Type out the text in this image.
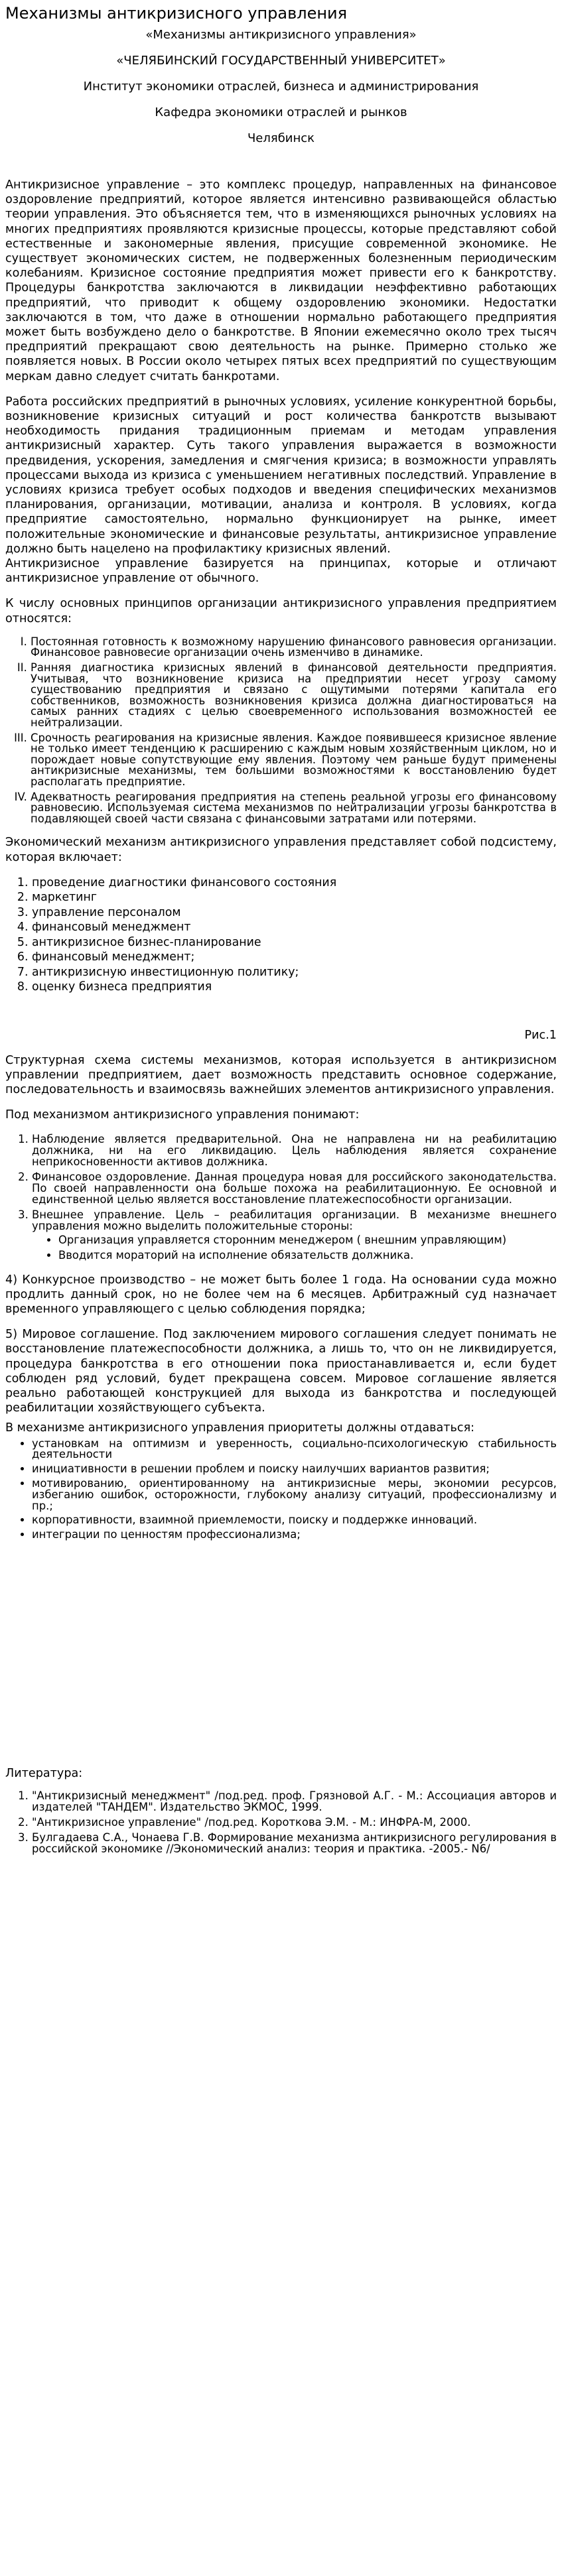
Механизмы антикризисного управления
«Механизмы антикризисного управления»
«ЧЕЛЯБИНСКИЙ ГОСУДАРСТВЕННЫЙ УНИВЕРСИТЕТ»
Институт экономики отраслей, бизнеса и администрирования
Кафедра экономики отраслей и рынков
Челябинск

Антикризисное управление – это комплекс процедур, направленных на финансовое оздоровление предприятий, которое является интенсивно развивающейся областью теории управления. Это объясняется тем, что в изменяющихся рыночных условиях на многих предприятиях проявляются кризисные процессы, которые представляют собой естественные и закономерные явления, присущие современной экономике. Не существует экономических систем, не подверженных болезненным периодическим колебаниям. Кризисное состояние предприятия может привести его к банкротству. Процедуры банкротства заключаются в ликвидации неэффективно работающих предприятий, что приводит к общему оздоровлению экономики. Недостатки заключаются в том, что даже в отношении нормально работающего предприятия может быть возбуждено дело о банкротстве. В Японии ежемесячно около трех тысяч предприятий прекращают свою деятельность на рынке. Примерно столько же появляется новых. В России около четырех пятых всех предприятий по существующим меркам давно следует считать банкротами.

Работа российских предприятий в рыночных условиях, усиление конкурентной борьбы, возникновение кризисных ситуаций и рост количества банкротств вызывают необходимость придания традиционным приемам и методам управления антикризисный характер. Суть такого управления выражается в возможности предвидения, ускорения, замедления и смягчения кризиса; в возможности управлять процессами выхода из кризиса с уменьшением негативных последствий. Управление в условиях кризиса требует особых подходов и введения специфических механизмов планирования, организации, мотивации, анализа и контроля. В условиях, когда предприятие самостоятельно, нормально функционирует на рынке, имеет положительные экономические и финансовые результаты, антикризисное управление должно быть нацелено на профилактику кризисных явлений.

Антикризисное управление базируется на принципах, которые и отличают антикризисное управление от обычного.

К числу основных принципов организации антикризисного управления предприятием относятся:

I. Постоянная готовность к возможному нарушению финансового равновесия организации. Финансовое равновесие организации очень изменчиво в динамике.
II. Ранняя диагностика кризисных явлений в финансовой деятельности предприятия. Учитывая, что возникновение кризиса на предприятии несет угрозу самому существованию предприятия и связано с ощутимыми потерями капитала его собственников, возможность возникновения кризиса должна диагностироваться на самых ранних стадиях с целью своевременного использования возможностей ее нейтрализации.
III. Срочность реагирования на кризисные явления. Каждое появившееся кризисное явление не только имеет тенденцию к расширению с каждым новым хозяйственным циклом, но и порождает новые сопутствующие ему явления. Поэтому чем раньше будут применены антикризисные механизмы, тем большими возможностями к восстановлению будет располагать предприятие.
IV. Адекватность реагирования предприятия на степень реальной угрозы его финансовому равновесию. Используемая система механизмов по нейтрализации угрозы банкротства в подавляющей своей части связана с финансовыми затратами или потерями.

Экономический механизм антикризисного управления представляет собой подсистему, которая включает:

1. проведение диагностики финансового состояния
2. маркетинг
3. управление персоналом
4. финансовый менеджмент
5. антикризисное бизнес-планирование
6. финансовый менеджмент;
7. антикризисную инвестиционную политику;
8. оценку бизнеса предприятия
Рис.1

Структурная схема системы механизмов, которая используется в антикризисном управлении предприятием, дает возможность представить основное содержание, последовательность и взаимосвязь важнейших элементов антикризисного управления.

Под механизмом антикризисного управления понимают:

1. Наблюдение является предварительной. Она не направлена ни на реабилитацию должника, ни на его ликвидацию. Цель наблюдения является сохранение неприкосновенности активов должника.
2. Финансовое оздоровление. Данная процедура новая для российского законодательства. По своей направленности она больше похожа на реабилитационную. Ее основной и единственной целью является восстановление платежеспособности организации.
3. Внешнее управление. Цель – реабилитация организации. В механизме внешнего управления можно выделить положительные стороны:
• Организация управляется сторонним менеджером ( внешним управляющим)
• Вводится мораторий на исполнение обязательств должника.

4) Конкурсное производство – не может быть более 1 года. На основании суда можно продлить данный срок, но не более чем на 6 месяцев. Арбитражный суд назначает временного управляющего с целью соблюдения порядка;

5) Мировое соглашение. Под заключением мирового соглашения следует понимать не восстановление платежеспособности должника, а лишь то, что он не ликвидируется, процедура банкротства в его отношении пока приостанавливается и, если будет соблюден ряд условий, будет прекращена совсем. Мировое соглашение является реально работающей конструкцией для выхода из банкротства и последующей реабилитации хозяйствующего субъекта.

В механизме антикризисного управления приоритеты должны отдаваться:

• установкам на оптимизм и уверенность, социально-психологическую стабильность деятельности
• инициативности в решении проблем и поиску наилучших вариантов развития;
• мотивированию, ориентированному на антикризисные меры, экономии ресурсов, избеганию ошибок, осторожности, глубокому анализу ситуаций, профессионализму и пр.;
• корпоративности, взаимной приемлемости, поиску и поддержке инноваций.
• интеграции по ценностям профессионализма;
Литература:
1. "Антикризисный менеджмент" /под.ред. проф. Грязновой А.Г. - М.: Ассоциация авторов и издателей "ТАНДЕМ". Издательство ЭКМОС, 1999.
2. "Антикризисное управление" /под.ред. Короткова Э.М. - М.: ИНФРА-М, 2000.
3. Булгадаева С.А., Чонаева Г.В. Формирование механизма антикризисного регулирования в российской экономике //Экономический анализ: теория и практика. -2005.- N6/
